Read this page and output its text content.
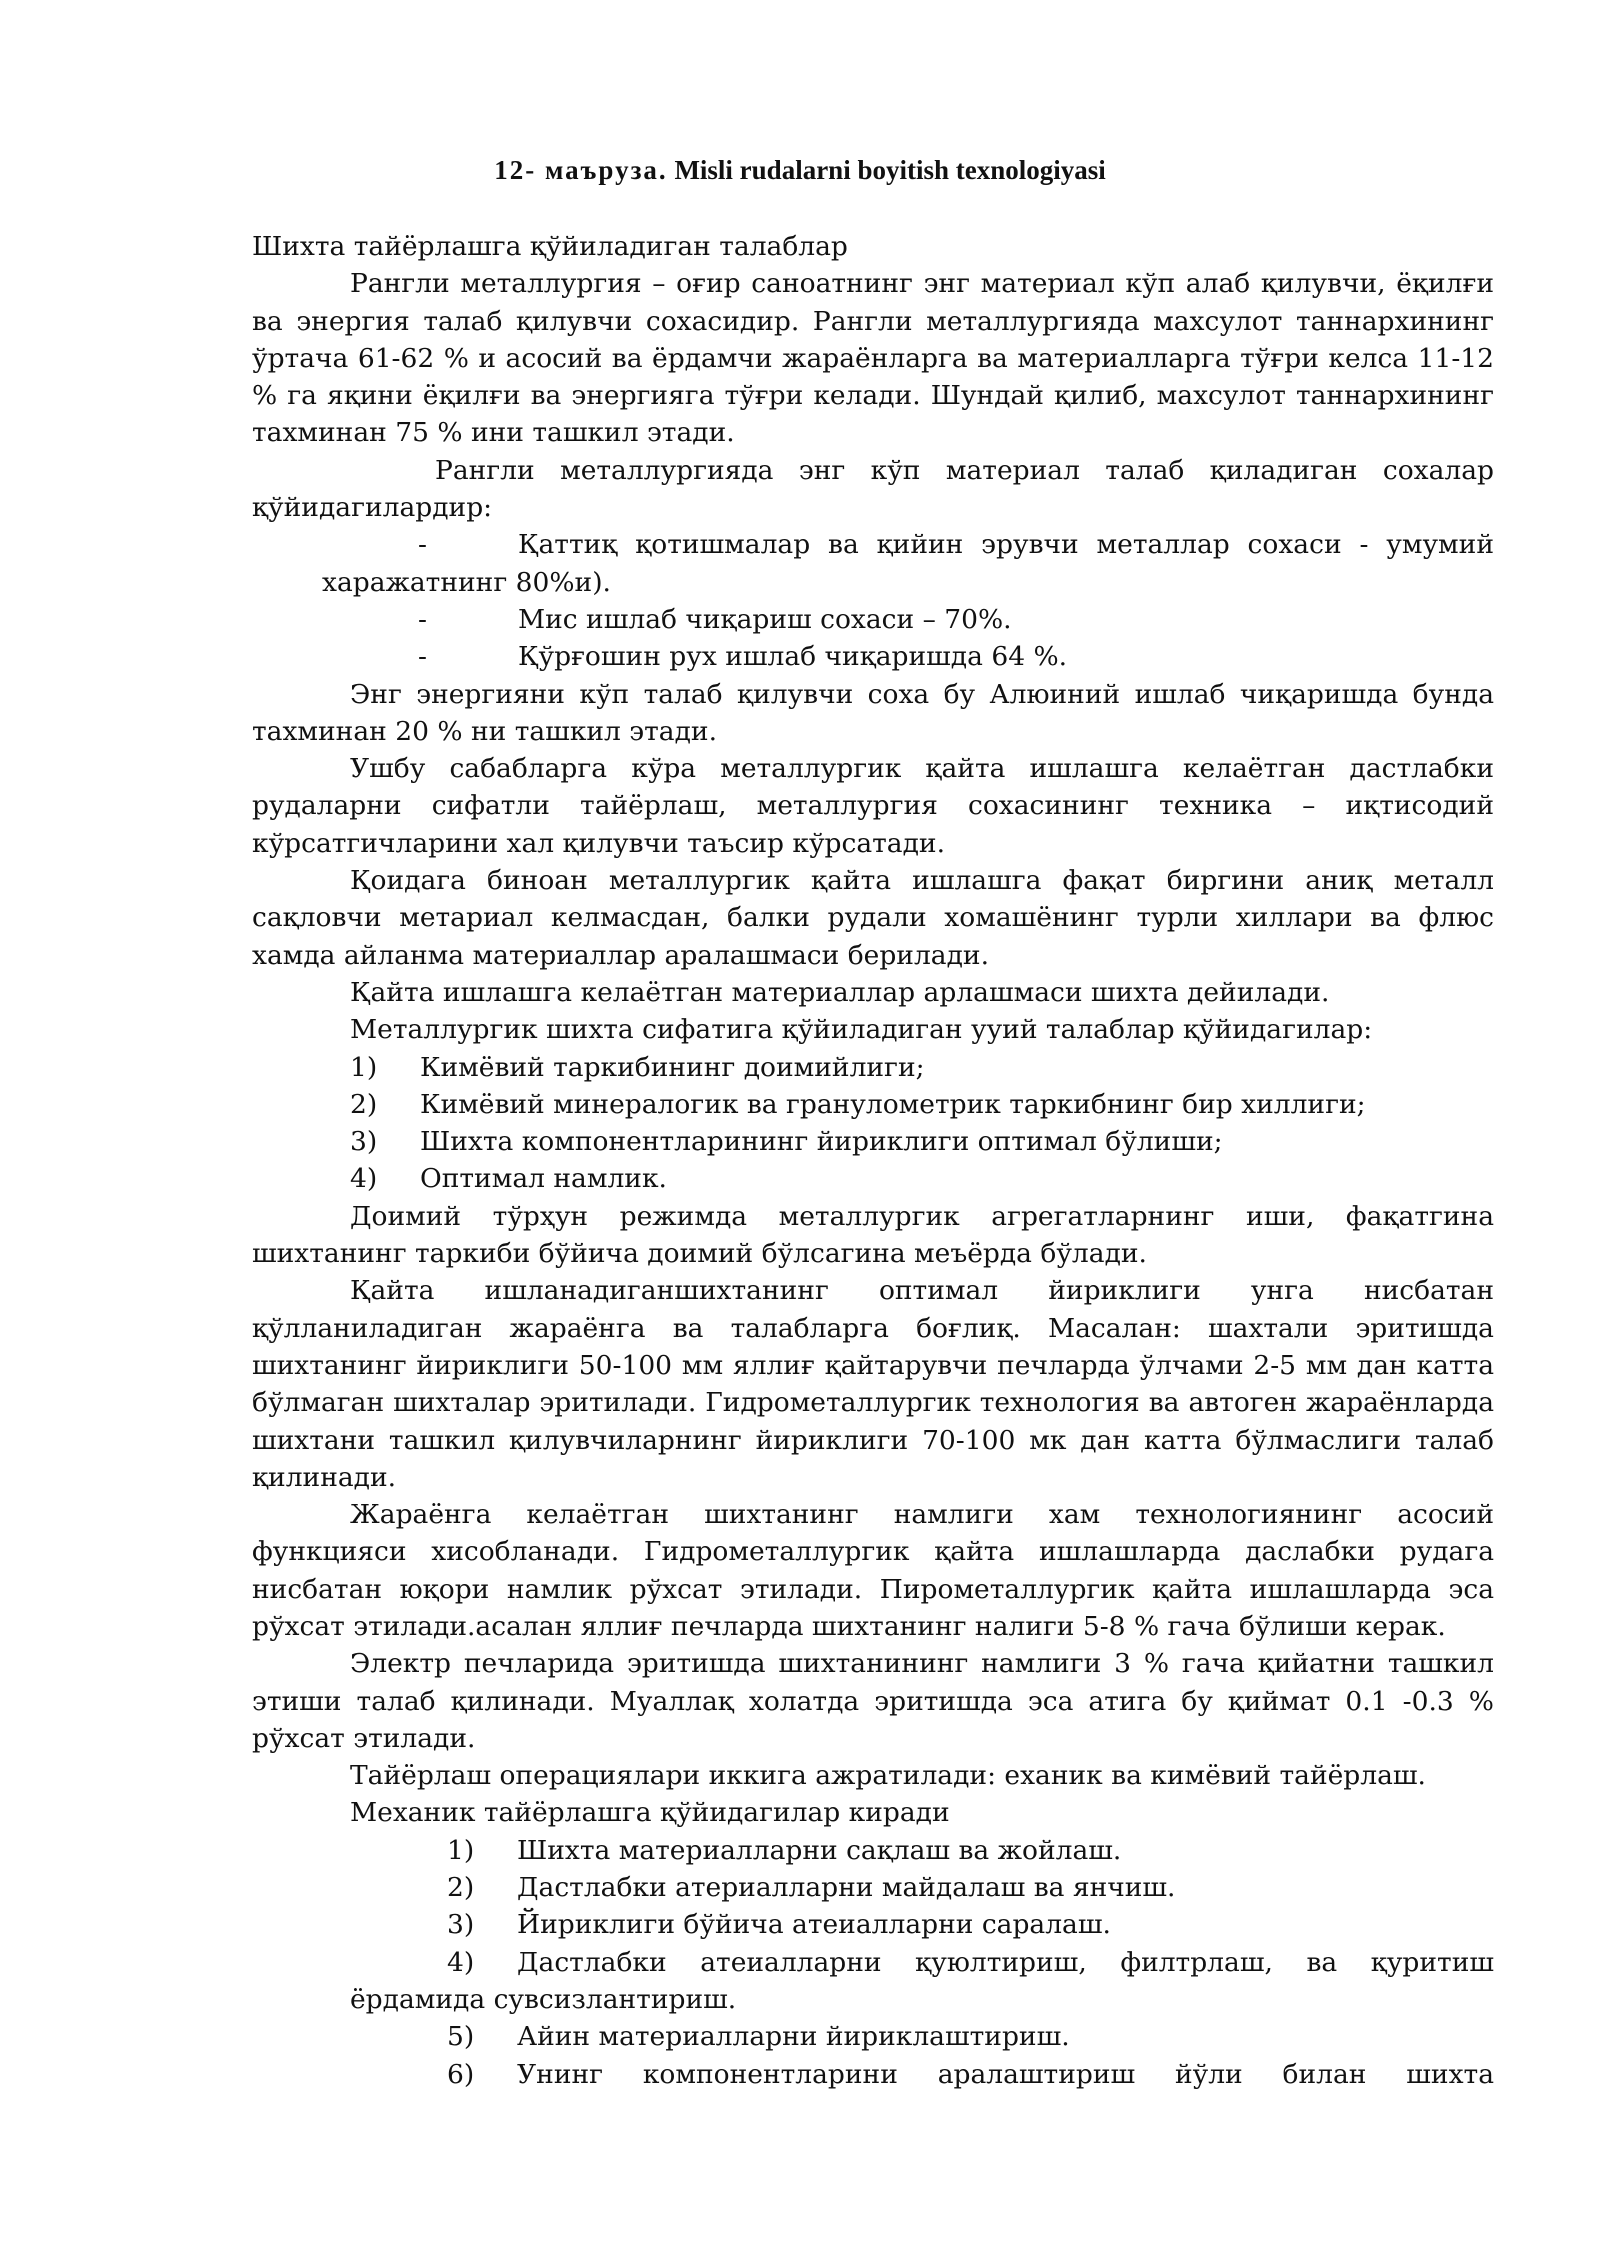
12- маъруза. Misli rudalarni boyitish texnologiyasi

Шихта тайёрлашга қўйиладиган талаблар

Рангли металлургия – оғир саноатнинг энг материал кўп алаб қилувчи, ёқилғи ва энергия талаб қилувчи сохасидир. Рангли металлургияда махсулот таннархининг ўртача 61-62 % и асосий ва ёрдамчи жараёнларга ва материалларга тўғри келса 11-12 % га яқини ёқилғи ва энергияга тўғри келади. Шундай қилиб, махсулот таннархининг тахминан 75 % ини ташкил этади.

Рангли металлургияда энг кўп материал талаб қиладиган сохалар қўйидагилардир:

-	Қаттиқ қотишмалар ва қийин эрувчи металлар сохаси - умумий

харажатнинг 80%и).

-	Мис ишлаб чиқариш сохаси – 70%.
-	Қўрғошин рух ишлаб чиқаришда 64 %.

Энг энергияни кўп талаб қилувчи соха бу Алюиний ишлаб чиқаришда бунда тахминан 20 % ни ташкил этади.

Ушбу сабабларга кўра металлургик қайта ишлашга келаётган дастлабки рудаларни сифатли тайёрлаш, металлургия сохасининг техника – иқтисодий кўрсатгичларини хал қилувчи таъсир кўрсатади.

Қоидага биноан металлургик қайта ишлашга фақат биргини аниқ металл сақловчи метариал келмасдан, балки рудали хомашёнинг турли хиллари ва флюс хамда айланма материаллар аралашмаси берилади.

Қайта ишлашга келаётган материаллар арлашмаси шихта дейилади.

Металлургик шихта сифатига қўйиладиган ууий талаблар қўйидагилар:

1)	Кимёвий таркибининг доимийлиги;
2)	Кимёвий минералогик ва гранулометрик таркибнинг бир хиллиги;
3)	Шихта компонентларининг йириклиги оптимал бўлиши;
4)	Оптимал намлик.

Доимий тўрҳун режимда металлургик агрегатларнинг иши, фақатгина шихтанинг таркиби бўйича доимий бўлсагина меъёрда бўлади.

Қайта ишланадиганшихтанинг оптимал йириклиги унга нисбатан қўлланиладиган жараёнга ва талабларга боғлиқ. Масалан: шахтали эритишда шихтанинг йириклиги 50-100 мм яллиғ қайтарувчи печларда ўлчами 2-5 мм дан катта бўлмаган шихталар эритилади. Гидрометаллургик технология ва автоген жараёнларда шихтани ташкил қилувчиларнинг йириклиги 70-100 мк дан катта бўлмаслиги талаб қилинади.

Жараёнга келаётган шихтанинг намлиги хам технологиянинг асосий функцияси хисобланади. Гидрометаллургик қайта ишлашларда даслабки рудага нисбатан юқори намлик рўхсат этилади. Пирометаллургик қайта ишлашларда эса рўхсат этилади.асалан яллиғ печларда шихтанинг налиги 5-8 % гача бўлиши керак.

Электр печларида эритишда шихтанининг намлиги 3 % гача қийатни ташкил этиши талаб қилинади. Муаллақ холатда эритишда эса атига бу қиймат 0.1 -0.3 % рўхсат этилади.

Тайёрлаш операциялари иккига ажратилади: еханик ва кимёвий тайёрлаш.

Механик тайёрлашга қўйидагилар киради

1)	Шихта материалларни сақлаш ва жойлаш.
2)	Дастлабки атериалларни майдалаш ва янчиш.
3)	Йириклиги бўйича атеиалларни саралаш.
4)	Дастлабки атеиалларни қуюлтириш, филтрлаш, ва қуритиш

ёрдамида сувсизлантириш.

5)	Айин материалларни йириклаштириш.
6)	Унинг компонентларини аралаштириш йўли билан шихта
